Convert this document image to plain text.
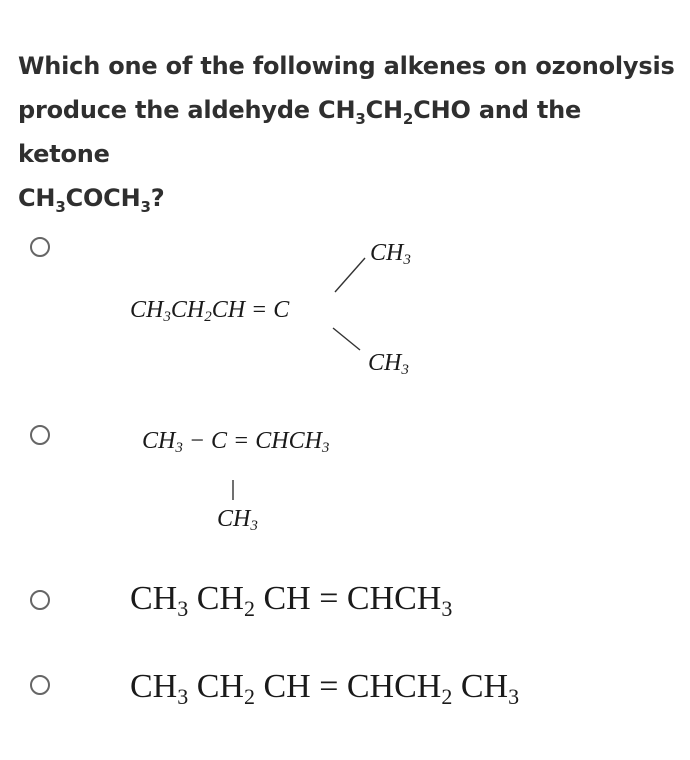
Which one of the following alkenes on ozonolysis
produce the aldehyde $CH_3CH_2CHO$ and the ketone
$CH_3COCH_3$?
$CH_3CH_2CH = C$
$CH_3$
$CH_3$
$CH_3 - C$ = $CHCH_3$
$CH_3$
$CH_3$ $CH_2$ CH = $CHCH_3$
$CH_3$ $CH_2$ CH = $CHCH_2$ $CH_3$
